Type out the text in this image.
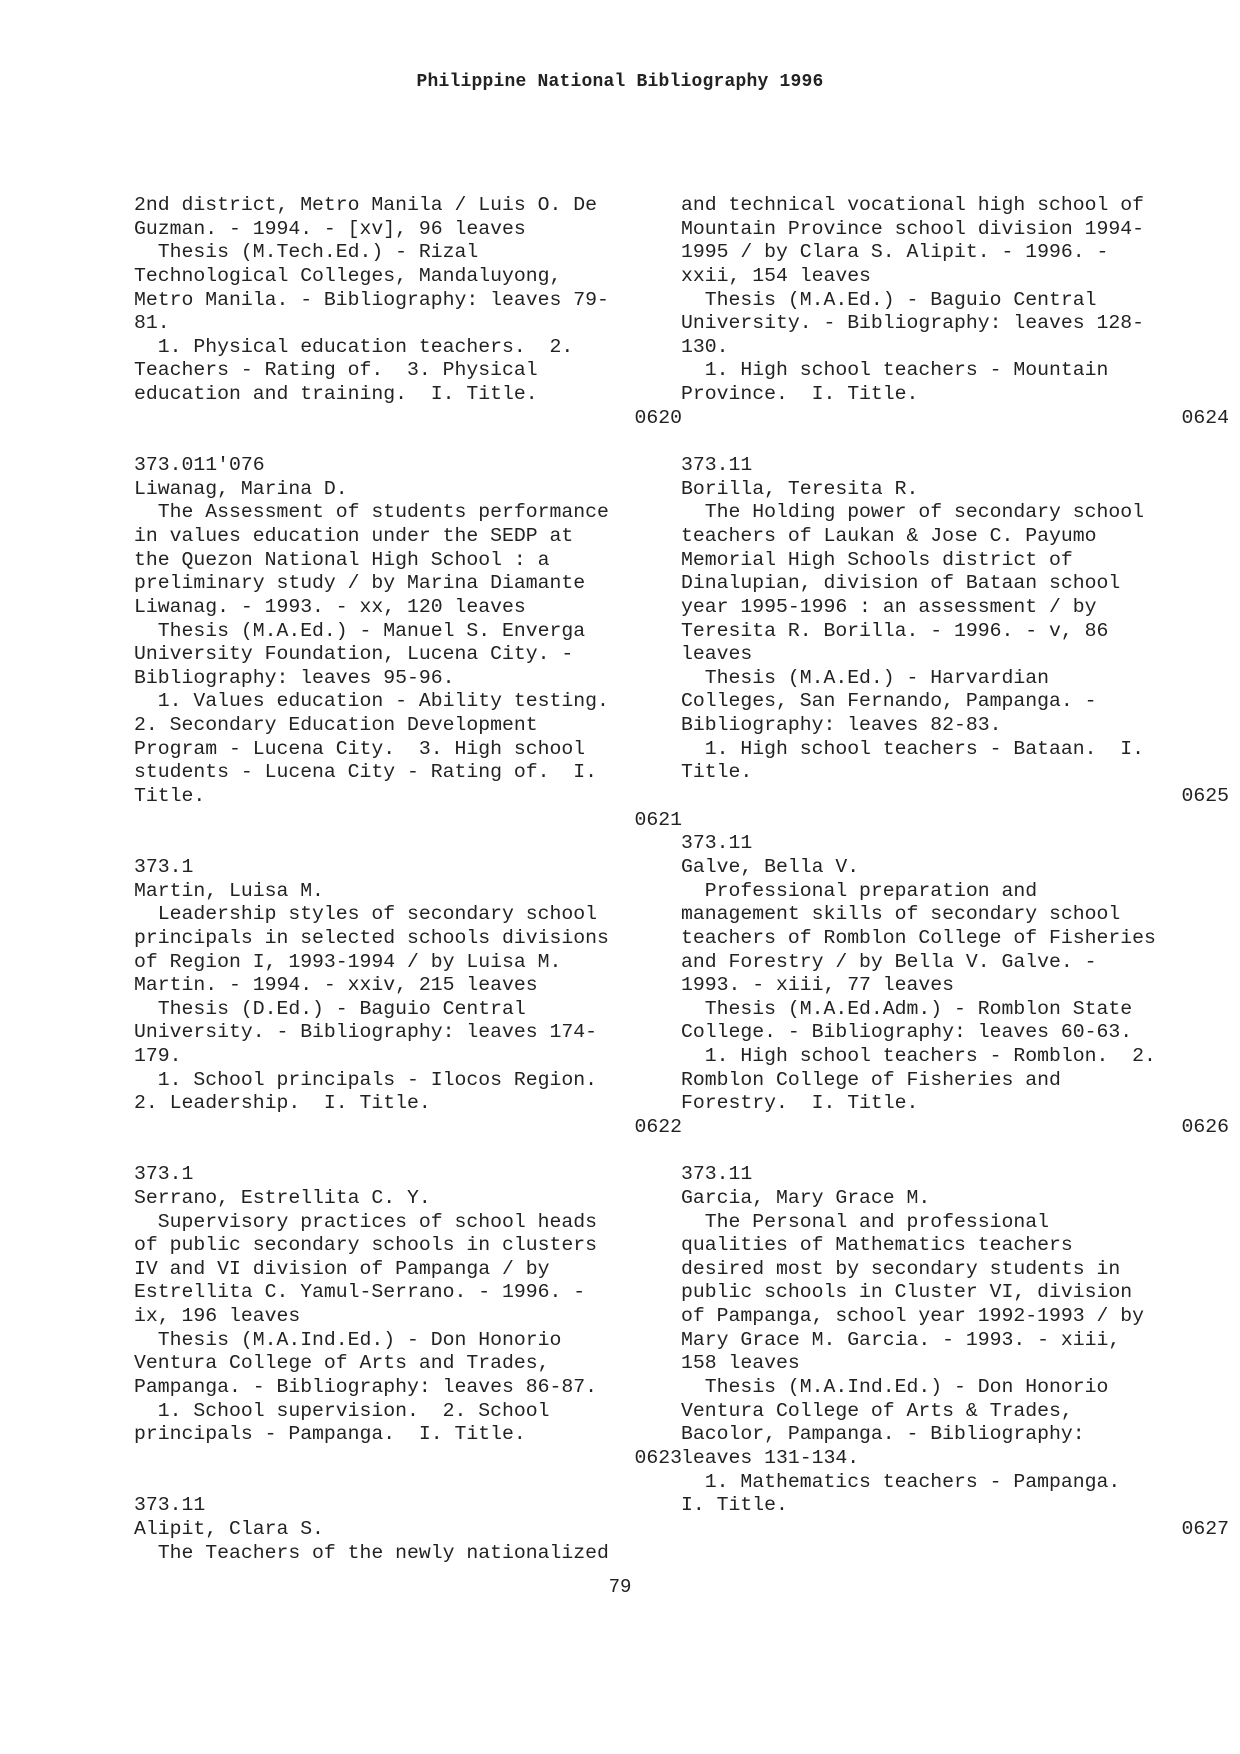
Philippine National Bibliography 1996
2nd district, Metro Manila / Luis O. De
Guzman. - 1994. - [xv], 96 leaves
Thesis (M.Tech.Ed.) - Rizal
Technological Colleges, Mandaluyong,
Metro Manila. - Bibliography: leaves 79-
81.
1. Physical education teachers.  2.
Teachers - Rating of.  3. Physical
education and training.  I. Title.
0620
373.011'076
Liwanag, Marina D.
The Assessment of students performance
in values education under the SEDP at
the Quezon National High School : a
preliminary study / by Marina Diamante
Liwanag. - 1993. - xx, 120 leaves
Thesis (M.A.Ed.) - Manuel S. Enverga
University Foundation, Lucena City. -
Bibliography: leaves 95-96.
1. Values education - Ability testing.
2. Secondary Education Development
Program - Lucena City.  3. High school
students - Lucena City - Rating of.  I.
Title.
0621
373.1
Martin, Luisa M.
Leadership styles of secondary school
principals in selected schools divisions
of Region I, 1993-1994 / by Luisa M.
Martin. - 1994. - xxiv, 215 leaves
Thesis (D.Ed.) - Baguio Central
University. - Bibliography: leaves 174-
179.
1. School principals - Ilocos Region.
2. Leadership.  I. Title.
0622
373.1
Serrano, Estrellita C. Y.
Supervisory practices of school heads
of public secondary schools in clusters
IV and VI division of Pampanga / by
Estrellita C. Yamul-Serrano. - 1996. -
ix, 196 leaves
Thesis (M.A.Ind.Ed.) - Don Honorio
Ventura College of Arts and Trades,
Pampanga. - Bibliography: leaves 86-87.
1. School supervision.  2. School
principals - Pampanga.  I. Title.
0623
373.11
Alipit, Clara S.
The Teachers of the newly nationalized
and technical vocational high school of
Mountain Province school division 1994-
1995 / by Clara S. Alipit. - 1996. -
xxii, 154 leaves
Thesis (M.A.Ed.) - Baguio Central
University. - Bibliography: leaves 128-
130.
1. High school teachers - Mountain
Province.  I. Title.
0624
373.11
Borilla, Teresita R.
The Holding power of secondary school
teachers of Laukan & Jose C. Payumo
Memorial High Schools district of
Dinalupian, division of Bataan school
year 1995-1996 : an assessment / by
Teresita R. Borilla. - 1996. - v, 86
leaves
Thesis (M.A.Ed.) - Harvardian
Colleges, San Fernando, Pampanga. -
Bibliography: leaves 82-83.
1. High school teachers - Bataan.  I.
Title.
0625
373.11
Galve, Bella V.
Professional preparation and
management skills of secondary school
teachers of Romblon College of Fisheries
and Forestry / by Bella V. Galve. -
1993. - xiii, 77 leaves
Thesis (M.A.Ed.Adm.) - Romblon State
College. - Bibliography: leaves 60-63.
1. High school teachers - Romblon.  2.
Romblon College of Fisheries and
Forestry.  I. Title.
0626
373.11
Garcia, Mary Grace M.
The Personal and professional
qualities of Mathematics teachers
desired most by secondary students in
public schools in Cluster VI, division
of Pampanga, school year 1992-1993 / by
Mary Grace M. Garcia. - 1993. - xiii,
158 leaves
Thesis (M.A.Ind.Ed.) - Don Honorio
Ventura College of Arts & Trades,
Bacolor, Pampanga. - Bibliography:
leaves 131-134.
1. Mathematics teachers - Pampanga.
I. Title.
0627
79
